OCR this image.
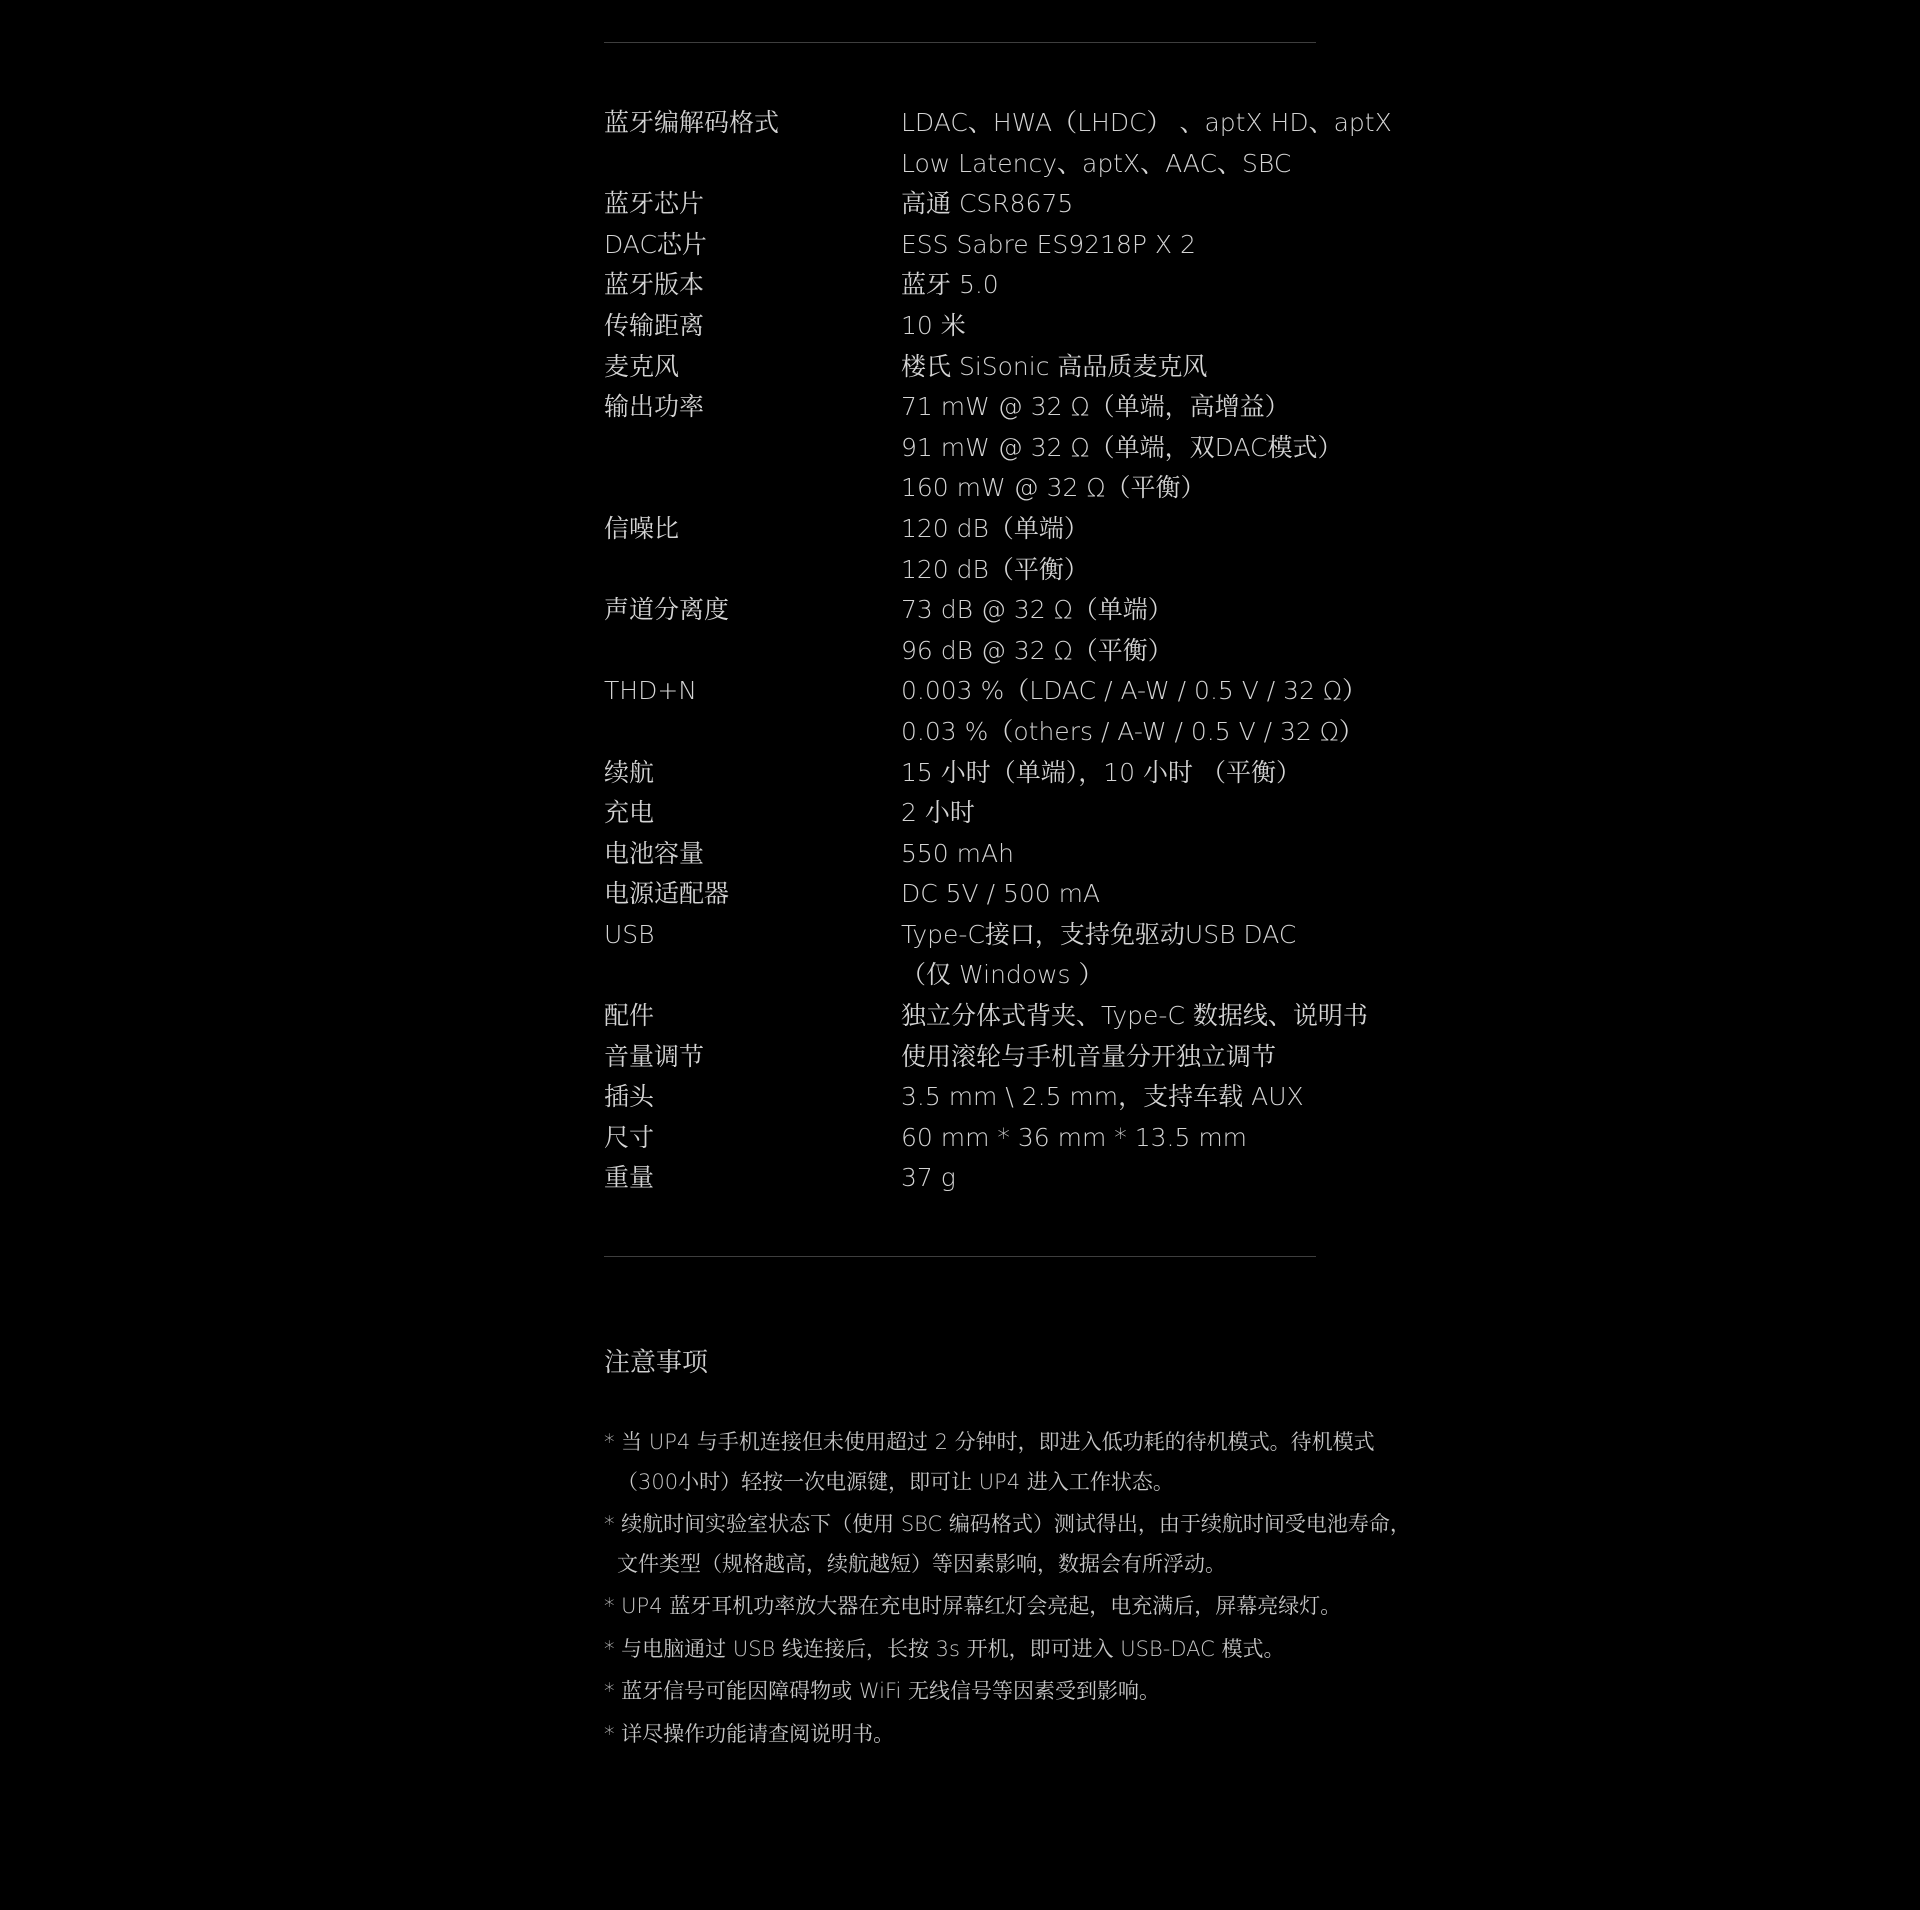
蓝牙编解码格式	LDAC、HWA（LHDC） 、aptX HD、aptX
Low Latency、aptX、AAC、SBC
蓝牙芯片	高通 CSR8675
DAC芯片	ESS Sabre ES9218P X 2
蓝牙版本	蓝牙 5.0
传输距离	10 米
麦克风	楼氏 SiSonic 高品质麦克风
输出功率	71 mW @ 32 Ω（单端，高增益）
91 mW @ 32 Ω（单端，双DAC模式）
160 mW @ 32 Ω（平衡）
信噪比	120 dB（单端）
120 dB（平衡）
声道分离度	73 dB @ 32 Ω（单端）
96 dB @ 32 Ω（平衡）
THD+N	0.003 %（LDAC / A-W / 0.5 V / 32 Ω）
0.03 %（others / A-W / 0.5 V / 32 Ω）
续航	15 小时（单端），10 小时 （平衡）
充电	2 小时
电池容量	550 mAh
电源适配器	DC 5V / 500 mA
USB	Type-C接口，支持免驱动USB DAC
（仅 Windows ）
配件	独立分体式背夹、Type-C 数据线、说明书
音量调节	使用滚轮与手机音量分开独立调节
插头	3.5 mm \ 2.5 mm，支持车载 AUX
尺寸	60 mm * 36 mm * 13.5 mm
重量	37 g
注意事项
* 当 UP4 与手机连接但未使用超过 2 分钟时，即进入低功耗的待机模式。待机模式
（300小时）轻按一次电源键，即可让 UP4 进入工作状态。
* 续航时间实验室状态下（使用 SBC 编码格式）测试得出，由于续航时间受电池寿命，
文件类型（规格越高，续航越短）等因素影响，数据会有所浮动。
* UP4 蓝牙耳机功率放大器在充电时屏幕红灯会亮起，电充满后，屏幕亮绿灯。
* 与电脑通过 USB 线连接后，长按 3s 开机，即可进入 USB-DAC 模式。
* 蓝牙信号可能因障碍物或 WiFi 无线信号等因素受到影响。
* 详尽操作功能请查阅说明书。
